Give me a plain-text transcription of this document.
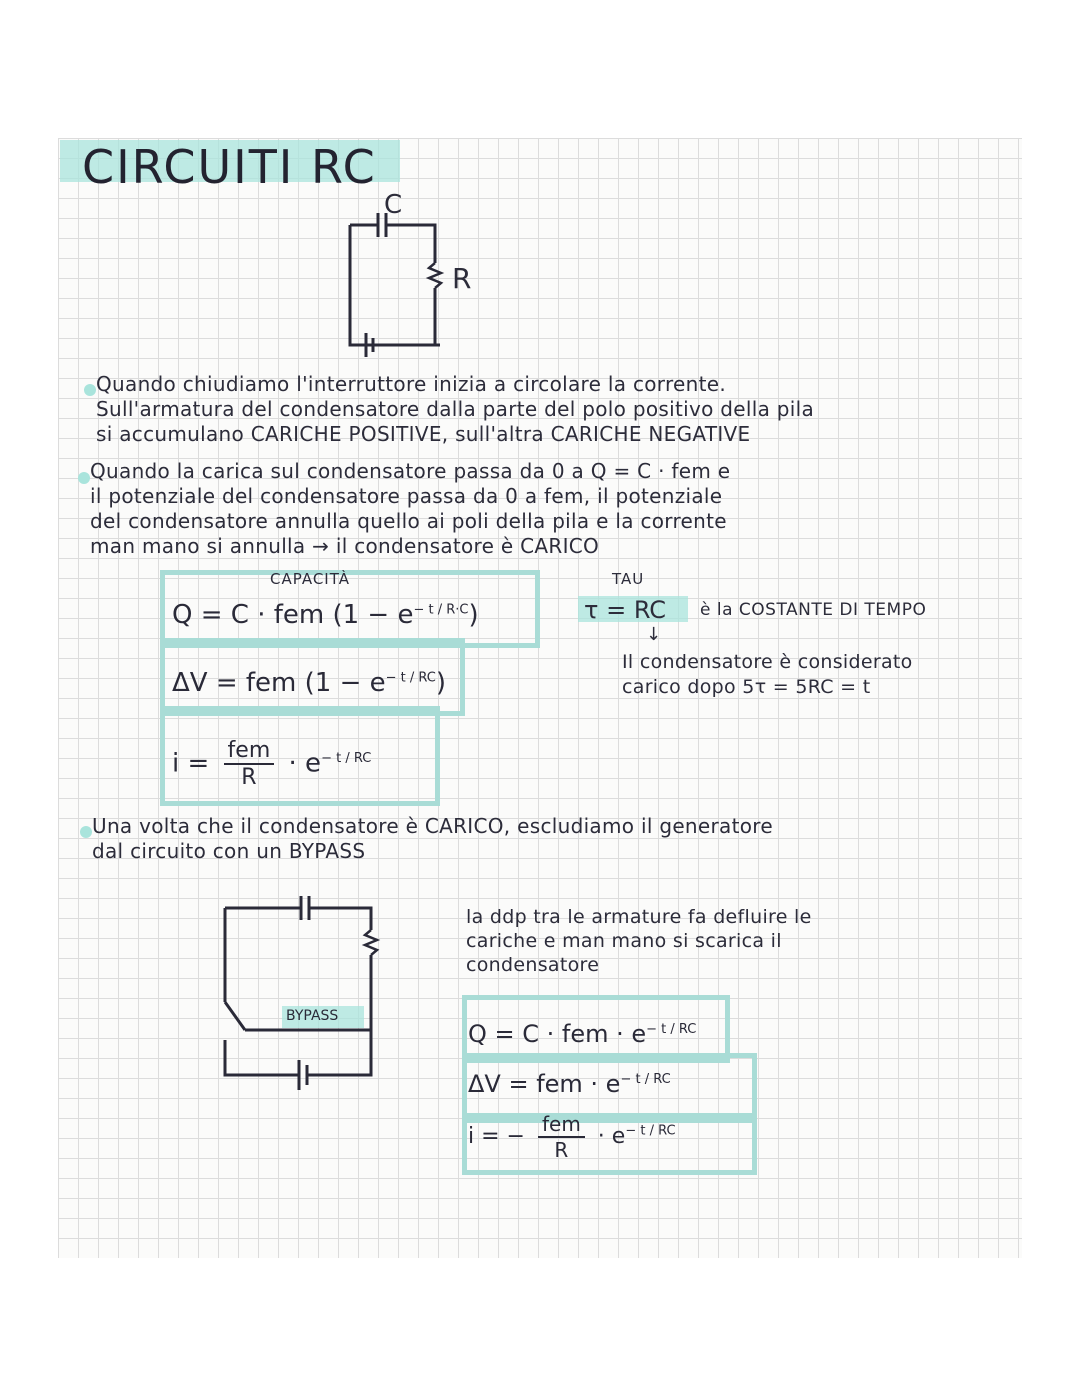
CIRCUITI RC
C
R
Quando chiudiamo l'interruttore inizia a circolare la corrente.
Sull'armatura del condensatore dalla parte del polo positivo della pila
si accumulano CARICHE POSITIVE, sull'altra CARICHE NEGATIVE
Quando la carica sul condensatore passa da 0 a Q = C · fem e
il potenziale del condensatore passa da 0 a fem, il potenziale
del condensatore annulla quello ai poli della pila e la corrente
man mano si annulla → il condensatore è CARICO
CAPACITÀ
Q = C · fem $(1 - e^{- t / R\cdot C})$
ΔV = fem $(1 - e^{- t / RC})$
i = fem
R	· $e^{- t / RC}$
TAU
τ = RC è la COSTANTE DI TEMPO
↓
Il condensatore è considerato
carico dopo 5τ = 5RC = t
Una volta che il condensatore è CARICO, escludiamo il generatore
dal circuito con un BYPASS
BYPASS
la ddp tra le armature fa defluire le
cariche e man mano si scarica il
condensatore
Q = C · fem · $e^{- t / RC}$
ΔV = fem · $e^{- t / RC}$
i = − fem
R
· $e^{- t / RC}$
